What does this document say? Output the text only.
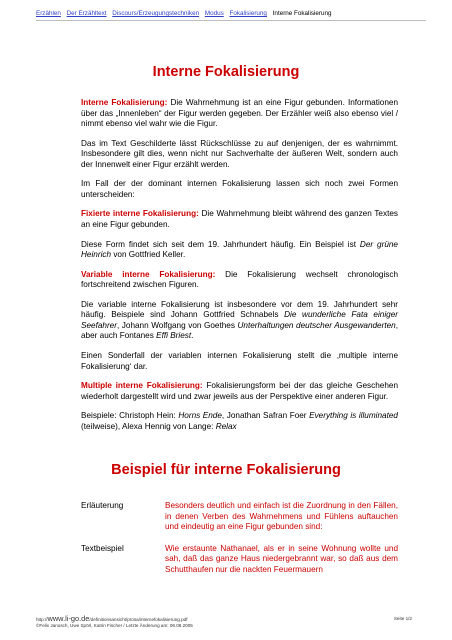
Erzählen Der Erzähltext Discours/Erzeugungstechniken Modus Fokalisierung Interne Fokalisierung
Interne Fokalisierung

Interne Fokalisierung: Die Wahrnehmung ist an eine Figur gebunden. Informationen über das „Innenleben“ der Figur werden gegeben. Der Erzähler weiß also ebenso viel / nimmt ebenso viel wahr wie die Figur.

Das im Text Geschilderte lässt Rückschlüsse zu auf denjenigen, der es wahrnimmt. Insbesondere gilt dies, wenn nicht nur Sachverhalte der äußeren Welt, sondern auch der Innenwelt einer Figur erzählt werden.

Im Fall der der dominant internen Fokalisierung lassen sich noch zwei Formen unterscheiden:

Fixierte interne Fokalisierung: Die Wahrnehmung bleibt während des ganzen Textes an eine Figur gebunden.

Diese Form findet sich seit dem 19. Jahrhundert häufig. Ein Beispiel ist Der grüne Heinrich von Gottfried Keller.

Variable interne Fokalisierung: Die Fokalisierung wechselt chronologisch fortschreitend zwischen Figuren.

Die variable interne Fokalisierung ist insbesondere vor dem 19. Jahrhundert sehr häufig. Beispiele sind Johann Gottfried Schnabels Die wunderliche Fata einiger Seefahrer, Johann Wolfgang von Goethes Unterhaltungen deutscher Ausgewanderten, aber auch Fontanes Effi Briest.

Einen Sonderfall der variablen internen Fokalisierung stellt die ‚multiple interne Fokalisierung‘ dar.

Multiple interne Fokalisierung: Fokalisierungsform bei der das gleiche Geschehen wiederholt dargestellt wird und zwar jeweils aus der Perspektive einer anderen Figur.

Beispiele: Christoph Hein: Horns Ende, Jonathan Safran Foer Everything is illuminated (teilweise), Alexa Hennig von Lange: Relax

Beispiel für interne Fokalisierung
Erläuterung	Besonders deutlich und einfach ist die Zuordnung in den Fällen, in denen Verben des Wahrnehmens und Fühlens auftauchen und eindeutig an eine Figur gebunden sind:
Textbeispiel	Wie erstaunte Nathanael, als er in seine Wohnung wollte und sah, daß das ganze Haus niedergebrannt war, so daß aus dem Schutthaufen nur die nackten Feuermauern
http://www.li-go.de/definitionsansicht/prosa/internefokalisierung.pdf
©Felix Janosch, Uwe Spörl, Katrin Fischer / Letzte Änderung am: 06.08.2005
Seite 1/2
